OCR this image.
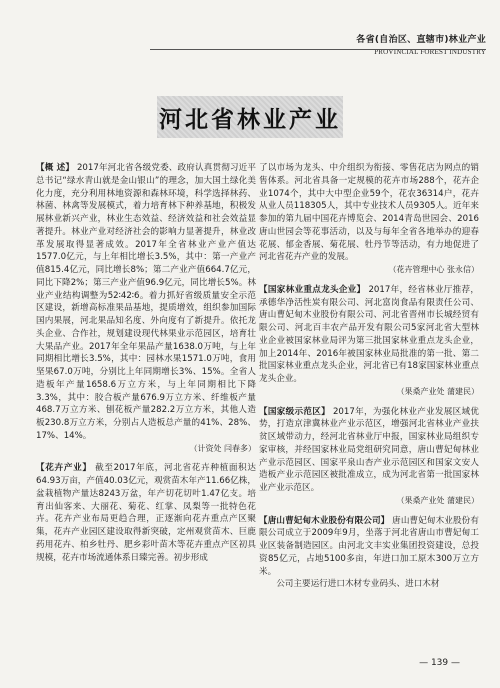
各省(自治区、直辖市)林业产业
PROVINCIAL FOREST INDUSTRY
河北省林业产业

【概 述】 2017年河北省各级党委、政府认真贯彻习近平总书记“绿水青山就是金山银山”的理念，加大国土绿化美化力度，充分利用林地资源和森林环境，科学选择林药、林菌、林禽等发展模式，着力培育林下种养基地，积极发展林业新兴产业，林业生态效益、经济效益和社会效益显著提升。林业产业对经济社会的影响力显著提升，林业改革发展取得显著成效。2017年全省林业产业产值达1577.0亿元，与上年相比增长3.5%，其中：第一产业产值815.4亿元，同比增长8%；第二产业产值664.7亿元，同比下降2%；第三产业产值96.9亿元，同比增长5%。林业产业结构调整为52∶42∶6。着力抓好省级质量安全示范区建设，新增高标准果品基地，提质增效，组织参加国际国内果展，河北果品知名度、外向度有了新提升。依托龙头企业、合作社，规划建设现代林果业示范园区，培育壮大果品产业。2017年全年果品产量1638.0万吨，与上年同期相比增长3.5%，其中：园林水果1571.0万吨，食用坚果67.0万吨，分别比上年同期增长3%、15%。全省人造板年产量1658.6万立方米，与上年同期相比下降3.3%，其中：胶合板产量676.9万立方米、纤维板产量468.7万立方米、刨花板产量282.2万立方米，其他人造板230.8万立方米，分别占人造板总产量的41%、28%、17%、14%。

（计资处 闫春多）

【花卉产业】 截至2017年底，河北省花卉种植面积达64.93万亩，产值40.03亿元，观赏苗木年产11.66亿株，盆栽植物产量达8243万盆，年产切花切叶1.47亿支。培育出仙客来、大丽花、菊花、红掌、凤梨等一批特色花卉。花卉产业布局更趋合理，正逐渐向花卉重点产区聚集，花卉产业园区建设取得新突破，定州观赏苗木、巨鹿药用花卉、柏乡牡丹、肥乡彩叶苗木等花卉重点产区初具规模，花卉市场流通体系日臻完善。初步形成

了以市场为龙头、中介组织为衔接、零售花店为网点的销售体系。河北省具备一定规模的花卉市场288个，花卉企业1074个，其中大中型企业59个，花农36314户，花卉从业人员118305人，其中专业技术人员9305人。近年来参加的第九届中国花卉博览会、2014青岛世园会、2016唐山世园会等花事活动，以及与每年全省各地举办的迎春花展、郁金香展、菊花展、牡丹节等活动，有力地促进了河北省花卉产业的发展。

（花卉管理中心 张永信）

【国家林业重点龙头企业】 2017年，经省林业厅推荐，承德华净活性炭有限公司、河北富岗食品有限责任公司、唐山曹妃甸木业股份有限公司、河北省晋州市长城经贸有限公司、河北百丰农产品开发有限公司5家河北省大型林业企业被国家林业局评为第三批国家林业重点龙头企业，加上2014年、2016年被国家林业局批准的第一批、第二批国家林业重点龙头企业，河北省已有18家国家林业重点龙头企业。

（果桑产业处 蒲建民）

【国家级示范区】 2017年，为强化林业产业发展区域优势，打造京津冀林业产业示范区，增强河北省林业产业扶贫区域带动力，经河北省林业厅申报，国家林业局组织专家审核，并经国家林业局党组研究同意，唐山曹妃甸林业产业示范园区、国家平泉山杏产业示范园区和国家文安人造板产业示范园区被批准成立，成为河北省第一批国家林业产业示范区。

（果桑产业处 蒲建民）

【唐山曹妃甸木业股份有限公司】 唐山曹妃甸木业股份有限公司成立于2009年9月，坐落于河北省唐山市曹妃甸工业区装备制造园区。由河北文丰实业集团投资建设，总投资85亿元，占地5100多亩，年进口加工原木300万立方米。

公司主要运行进口木材专业码头、进口木材

— 139 —
